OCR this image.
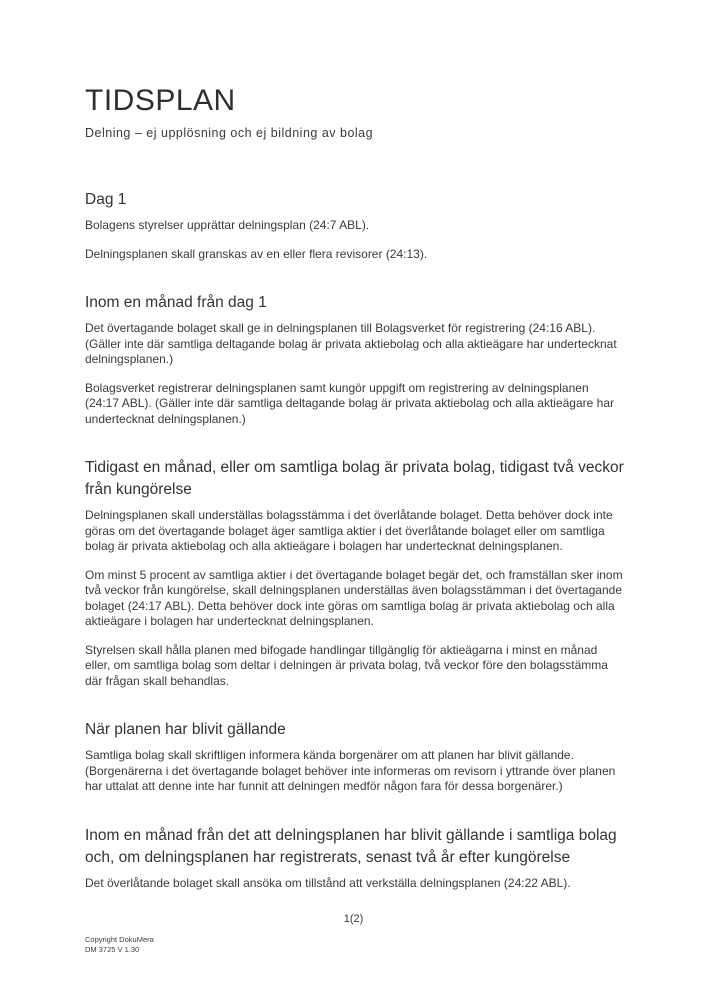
TIDSPLAN
Delning – ej upplösning och ej bildning av bolag
Dag 1

Bolagens styrelser upprättar delningsplan (24:7 ABL).

Delningsplanen skall granskas av en eller flera revisorer (24:13).

Inom en månad från dag 1

Det övertagande bolaget skall ge in delningsplanen till Bolagsverket för registrering (24:16 ABL). (Gäller inte där samtliga deltagande bolag är privata aktiebolag och alla aktieägare har undertecknat delningsplanen.)

Bolagsverket registrerar delningsplanen samt kungör uppgift om registrering av delningsplanen (24:17 ABL). (Gäller inte där samtliga deltagande bolag är privata aktiebolag och alla aktieägare har undertecknat delningsplanen.)

Tidigast en månad, eller om samtliga bolag är privata bolag, tidigast två veckor från kungörelse

Delningsplanen skall underställas bolagsstämma i det överlåtande bolaget. Detta behöver dock inte göras om det övertagande bolaget äger samtliga aktier i det överlåtande bolaget eller om samtliga bolag är privata aktiebolag och alla aktieägare i bolagen har undertecknat delningsplanen.

Om minst 5 procent av samtliga aktier i det övertagande bolaget begär det, och framställan sker inom två veckor från kungörelse, skall delningsplanen underställas även bolagsstämman i det övertagande bolaget (24:17 ABL). Detta behöver dock inte göras om samtliga bolag är privata aktiebolag och alla aktieägare i bolagen har undertecknat delningsplanen.

Styrelsen skall hålla planen med bifogade handlingar tillgänglig för aktieägarna i minst en månad eller, om samtliga bolag som deltar i delningen är privata bolag, två veckor före den bolagsstämma där frågan skall behandlas.

När planen har blivit gällande

Samtliga bolag skall skriftligen informera kända borgenärer om att planen har blivit gällande. (Borgenärerna i det övertagande bolaget behöver inte informeras om revisorn i yttrande över planen har uttalat att denne inte har funnit att delningen medför någon fara för dessa borgenärer.)

Inom en månad från det att delningsplanen har blivit gällande i samtliga bolag och, om delningsplanen har registrerats, senast två år efter kungörelse

Det överlåtande bolaget skall ansöka om tillstånd att verkställa delningsplanen (24:22 ABL).

1(2)
Copyright DokuMera
DM 3725 V 1.30
